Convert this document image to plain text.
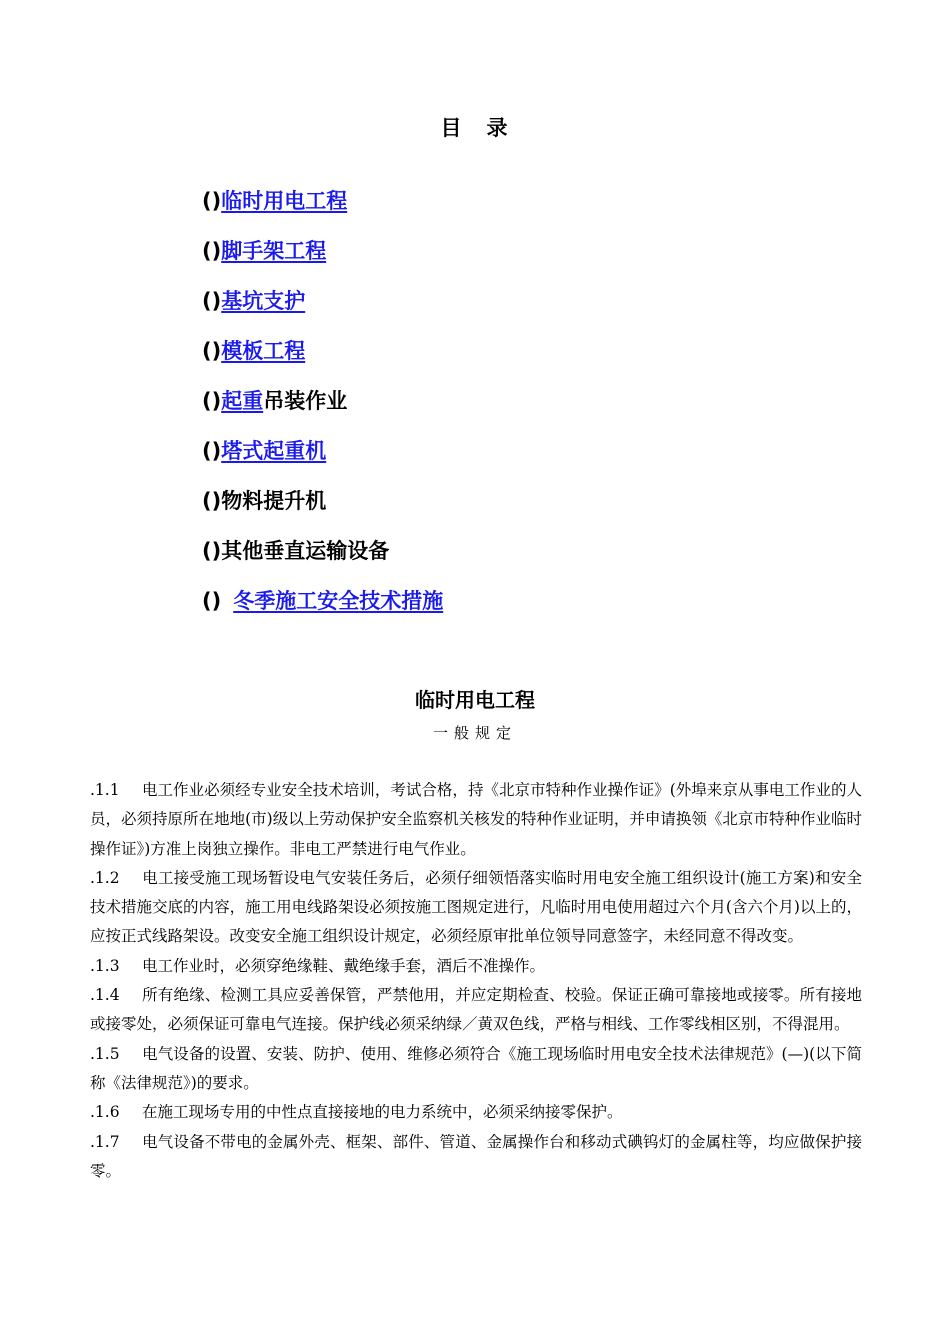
目　录
()临时用电工程
()脚手架工程
()基坑支护
()模板工程
()起重吊装作业
()塔式起重机
()物料提升机
()其他垂直运输设备
() 冬季施工安全技术措施
临时用电工程
一般规定

.1.1 电工作业必须经专业安全技术培训，考试合格，持《北京市特种作业操作证》(外埠来京从事电工作业的人员，必须持原所在地地(市)级以上劳动保护安全监察机关核发的特种作业证明，并申请换领《北京市特种作业临时操作证》)方准上岗独立操作。非电工严禁进行电气作业。

.1.2 电工接受施工现场暂设电气安装任务后，必须仔细领悟落实临时用电安全施工组织设计(施工方案)和安全技术措施交底的内容，施工用电线路架设必须按施工图规定进行，凡临时用电使用超过六个月(含六个月)以上的，应按正式线路架设。改变安全施工组织设计规定，必须经原审批单位领导同意签字，未经同意不得改变。

.1.3 电工作业时，必须穿绝缘鞋、戴绝缘手套，酒后不准操作。

.1.4 所有绝缘、检测工具应妥善保管，严禁他用，并应定期检查、校验。保证正确可靠接地或接零。所有接地或接零处，必须保证可靠电气连接。保护线必须采纳绿／黄双色线，严格与相线、工作零线相区别，不得混用。

.1.5 电气设备的设置、安装、防护、使用、维修必须符合《施工现场临时用电安全技术法律规范》(—)(以下简称《法律规范》)的要求。

.1.6 在施工现场专用的中性点直接接地的电力系统中，必须采纳接零保护。

.1.7 电气设备不带电的金属外壳、框架、部件、管道、金属操作台和移动式碘钨灯的金属柱等，均应做保护接零。
